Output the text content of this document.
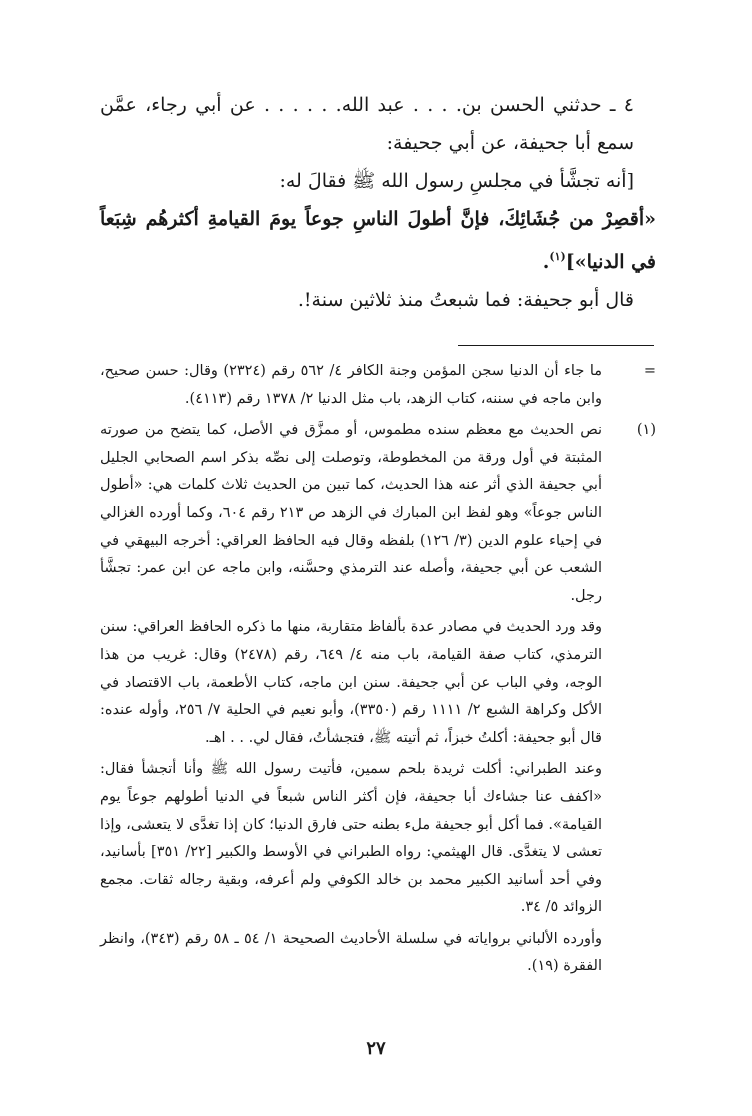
٤ ـ حدثني الحسن بن. . . . عبد الله. . . . . . عن أبي رجاء، عمَّن سمع أبا جحيفة، عن أبي جحيفة:

[أنه تجشَّأ في مجلسِ رسول الله ﷺ فقالَ له:

«أقصِرْ من جُشَائِكَ، فإنَّ أطولَ الناسِ جوعاً يومَ القيامةِ أكثرهُم شِبَعاً في الدنيا»]$^{(١)}$.

قال أبو جحيفة: فما شبعتُ منذ ثلاثين سنة!.

=

ما جاء أن الدنيا سجن المؤمن وجنة الكافر ٤/ ٥٦٢ رقم (٢٣٢٤) وقال: حسن صحيح، وابن ماجه في سننه، كتاب الزهد، باب مثل الدنيا ٢/ ١٣٧٨ رقم (٤١١٣).

(١)

نص الحديث مع معظم سنده مطموس، أو ممزَّق في الأصل، كما يتضح من صورته المثبتة في أول ورقة من المخطوطة، وتوصلت إلى نصِّه بذكر اسم الصحابي الجليل أبي جحيفة الذي أثر عنه هذا الحديث، كما تبين من الحديث ثلاث كلمات هي: «أطول الناس جوعاً» وهو لفظ ابن المبارك في الزهد ص ٢١٣ رقم ٦٠٤، وكما أورده الغزالي في إحياء علوم الدين (٣/ ١٢٦) بلفظه وقال فيه الحافظ العراقي: أخرجه البيهقي في الشعب عن أبي جحيفة، وأصله عند الترمذي وحسَّنه، وابن ماجه عن ابن عمر: تجشَّأ رجل.

وقد ورد الحديث في مصادر عدة بألفاظ متقاربة، منها ما ذكره الحافظ العراقي: سنن الترمذي، كتاب صفة القيامة، باب منه ٤/ ٦٤٩، رقم (٢٤٧٨) وقال: غريب من هذا الوجه، وفي الباب عن أبي جحيفة. سنن ابن ماجه، كتاب الأطعمة، باب الاقتصاد في الأكل وكراهة الشبع ٢/ ١١١١ رقم (٣٣٥٠)، وأبو نعيم في الحلية ٧/ ٢٥٦، وأوله عنده: قال أبو جحيفة: أكلتُ خبزاً، ثم أتيته ﷺ، فتجشأتُ، فقال لي. . . اهـ.

وعند الطبراني: أكلت ثريدة بلحم سمين، فأتيت رسول الله ﷺ وأنا أتجشأ فقال: «اكفف عنا جشاءك أبا جحيفة، فإن أكثر الناس شبعاً في الدنيا أطولهم جوعاً يوم القيامة». فما أكل أبو جحيفة ملء بطنه حتى فارق الدنيا؛ كان إذا تغدَّى لا يتعشى، وإذا تعشى لا يتغدَّى. قال الهيثمي: رواه الطبراني في الأوسط والكبير [٢٢/ ٣٥١] بأسانيد، وفي أحد أسانيد الكبير محمد بن خالد الكوفي ولم أعرفه، وبقية رجاله ثقات. مجمع الزوائد ٥/ ٣٤.

وأورده الألباني برواياته في سلسلة الأحاديث الصحيحة ١/ ٥٤ ـ ٥٨ رقم (٣٤٣)، وانظر الفقرة (١٩).

٢٧
